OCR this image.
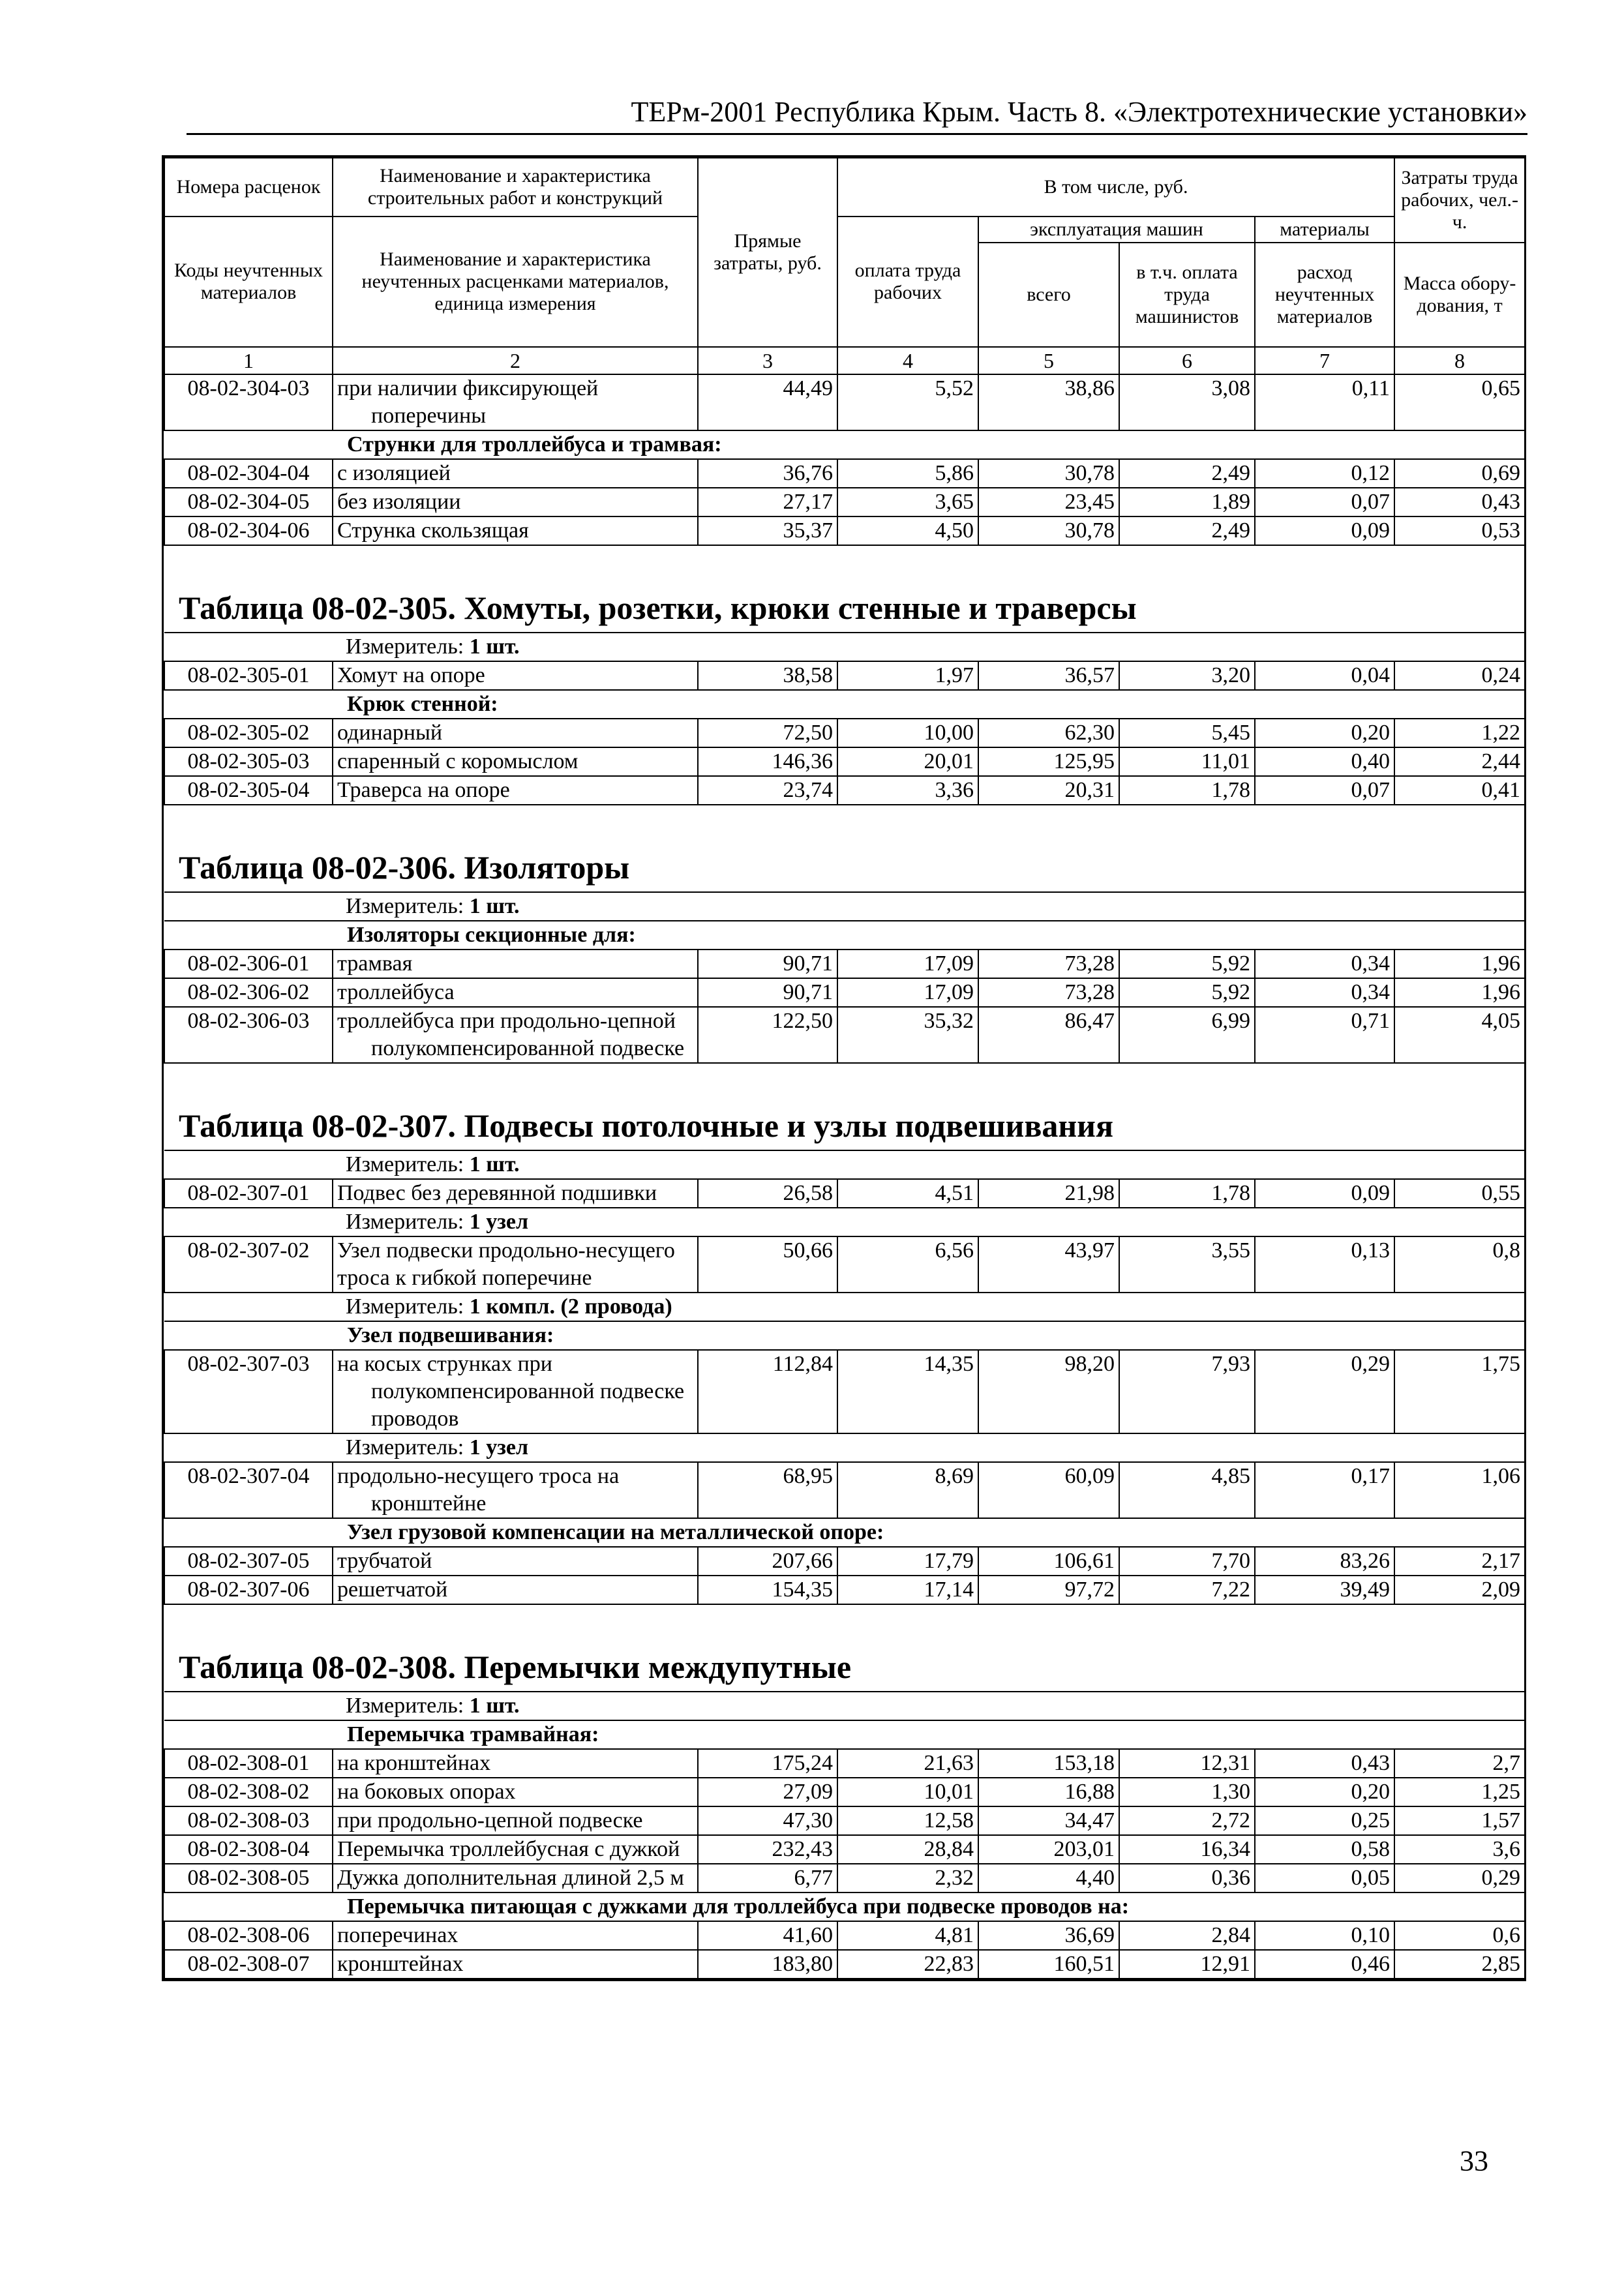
ТЕРм-2001 Республика Крым. Часть 8. «Электротехнические установки»
Номера расценок	Наименование и характеристика строительных работ и конструкций	Прямые затраты, руб.	В том числе, руб.				Затраты труда рабочих, чел.-ч.
Коды неучтенных материалов	Наименование и характеристика неучтенных расценками материалов, единица измерения		оплата труда рабочих	эксплуатация машин		материалы	
				всего	в т.ч. оплата труда машинистов	расход неучтенных материалов	Масса обору-дования, т
1	2	3	4	5	6	7	8
08-02-304-03	при наличии фиксирующей поперечины	44,49	5,52	38,86	3,08	0,11	0,65
Струнки для троллейбуса и трамвая:							
08-02-304-04	с изоляцией	36,76	5,86	30,78	2,49	0,12	0,69
08-02-304-05	без изоляции	27,17	3,65	23,45	1,89	0,07	0,43
08-02-304-06	Струнка скользящая	35,37	4,50	30,78	2,49	0,09	0,53
Таблица 08-02-305. Хомуты, розетки, крюки стенные и траверсы							
Измеритель: 1 шт.							
08-02-305-01	Хомут на опоре	38,58	1,97	36,57	3,20	0,04	0,24
Крюк стенной:							
08-02-305-02	одинарный	72,50	10,00	62,30	5,45	0,20	1,22
08-02-305-03	спаренный с коромыслом	146,36	20,01	125,95	11,01	0,40	2,44
08-02-305-04	Траверса на опоре	23,74	3,36	20,31	1,78	0,07	0,41
Таблица 08-02-306. Изоляторы							
Измеритель: 1 шт.							
Изоляторы секционные для:							
08-02-306-01	трамвая	90,71	17,09	73,28	5,92	0,34	1,96
08-02-306-02	троллейбуса	90,71	17,09	73,28	5,92	0,34	1,96
08-02-306-03	троллейбуса при продольно-цепной полукомпенсированной подвеске	122,50	35,32	86,47	6,99	0,71	4,05
Таблица 08-02-307. Подвесы потолочные и узлы подвешивания							
Измеритель: 1 шт.							
08-02-307-01	Подвес без деревянной подшивки	26,58	4,51	21,98	1,78	0,09	0,55
Измеритель: 1 узел							
08-02-307-02	Узел подвески продольно-несущего троса к гибкой поперечине	50,66	6,56	43,97	3,55	0,13	0,8
Измеритель: 1 компл. (2 провода)							
Узел подвешивания:							
08-02-307-03	на косых струнках при полукомпенсированной подвеске проводов	112,84	14,35	98,20	7,93	0,29	1,75
Измеритель: 1 узел							
08-02-307-04	продольно-несущего троса на кронштейне	68,95	8,69	60,09	4,85	0,17	1,06
Узел грузовой компенсации на металлической опоре:							
08-02-307-05	трубчатой	207,66	17,79	106,61	7,70	83,26	2,17
08-02-307-06	решетчатой	154,35	17,14	97,72	7,22	39,49	2,09
Таблица 08-02-308. Перемычки междупутные							
Измеритель: 1 шт.							
Перемычка трамвайная:							
08-02-308-01	на кронштейнах	175,24	21,63	153,18	12,31	0,43	2,7
08-02-308-02	на боковых опорах	27,09	10,01	16,88	1,30	0,20	1,25
08-02-308-03	при продольно-цепной подвеске	47,30	12,58	34,47	2,72	0,25	1,57
08-02-308-04	Перемычка троллейбусная с дужкой	232,43	28,84	203,01	16,34	0,58	3,6
08-02-308-05	Дужка дополнительная длиной 2,5 м	6,77	2,32	4,40	0,36	0,05	0,29
Перемычка питающая с дужками для троллейбуса при подвеске проводов на:							
08-02-308-06	поперечинах	41,60	4,81	36,69	2,84	0,10	0,6
08-02-308-07	кронштейнах	183,80	22,83	160,51	12,91	0,46	2,85
33
